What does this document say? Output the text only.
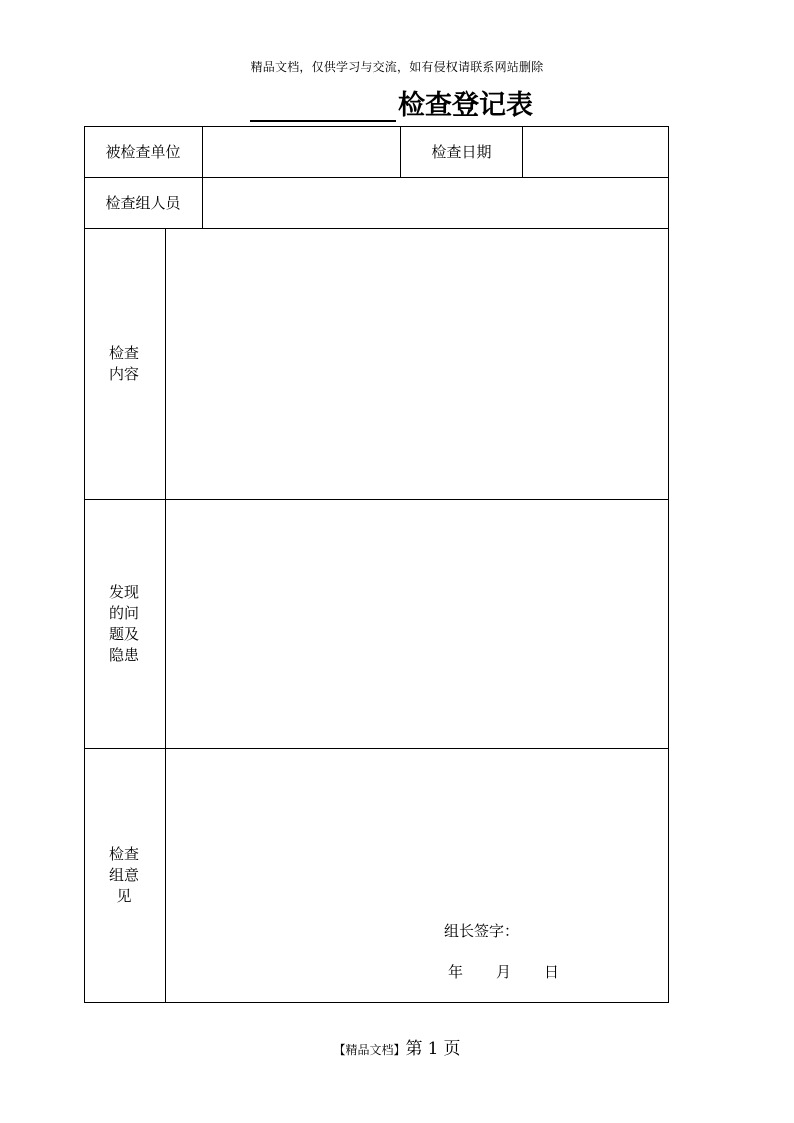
精品文档，仅供学习与交流，如有侵权请联系网站删除
检查登记表
被检查单位	检查日期
检查组人员
检查
内容
发现
的问
题及
隐患
检查
组意
见
组长签字：
年 月 日
【精品文档】第 1 页
